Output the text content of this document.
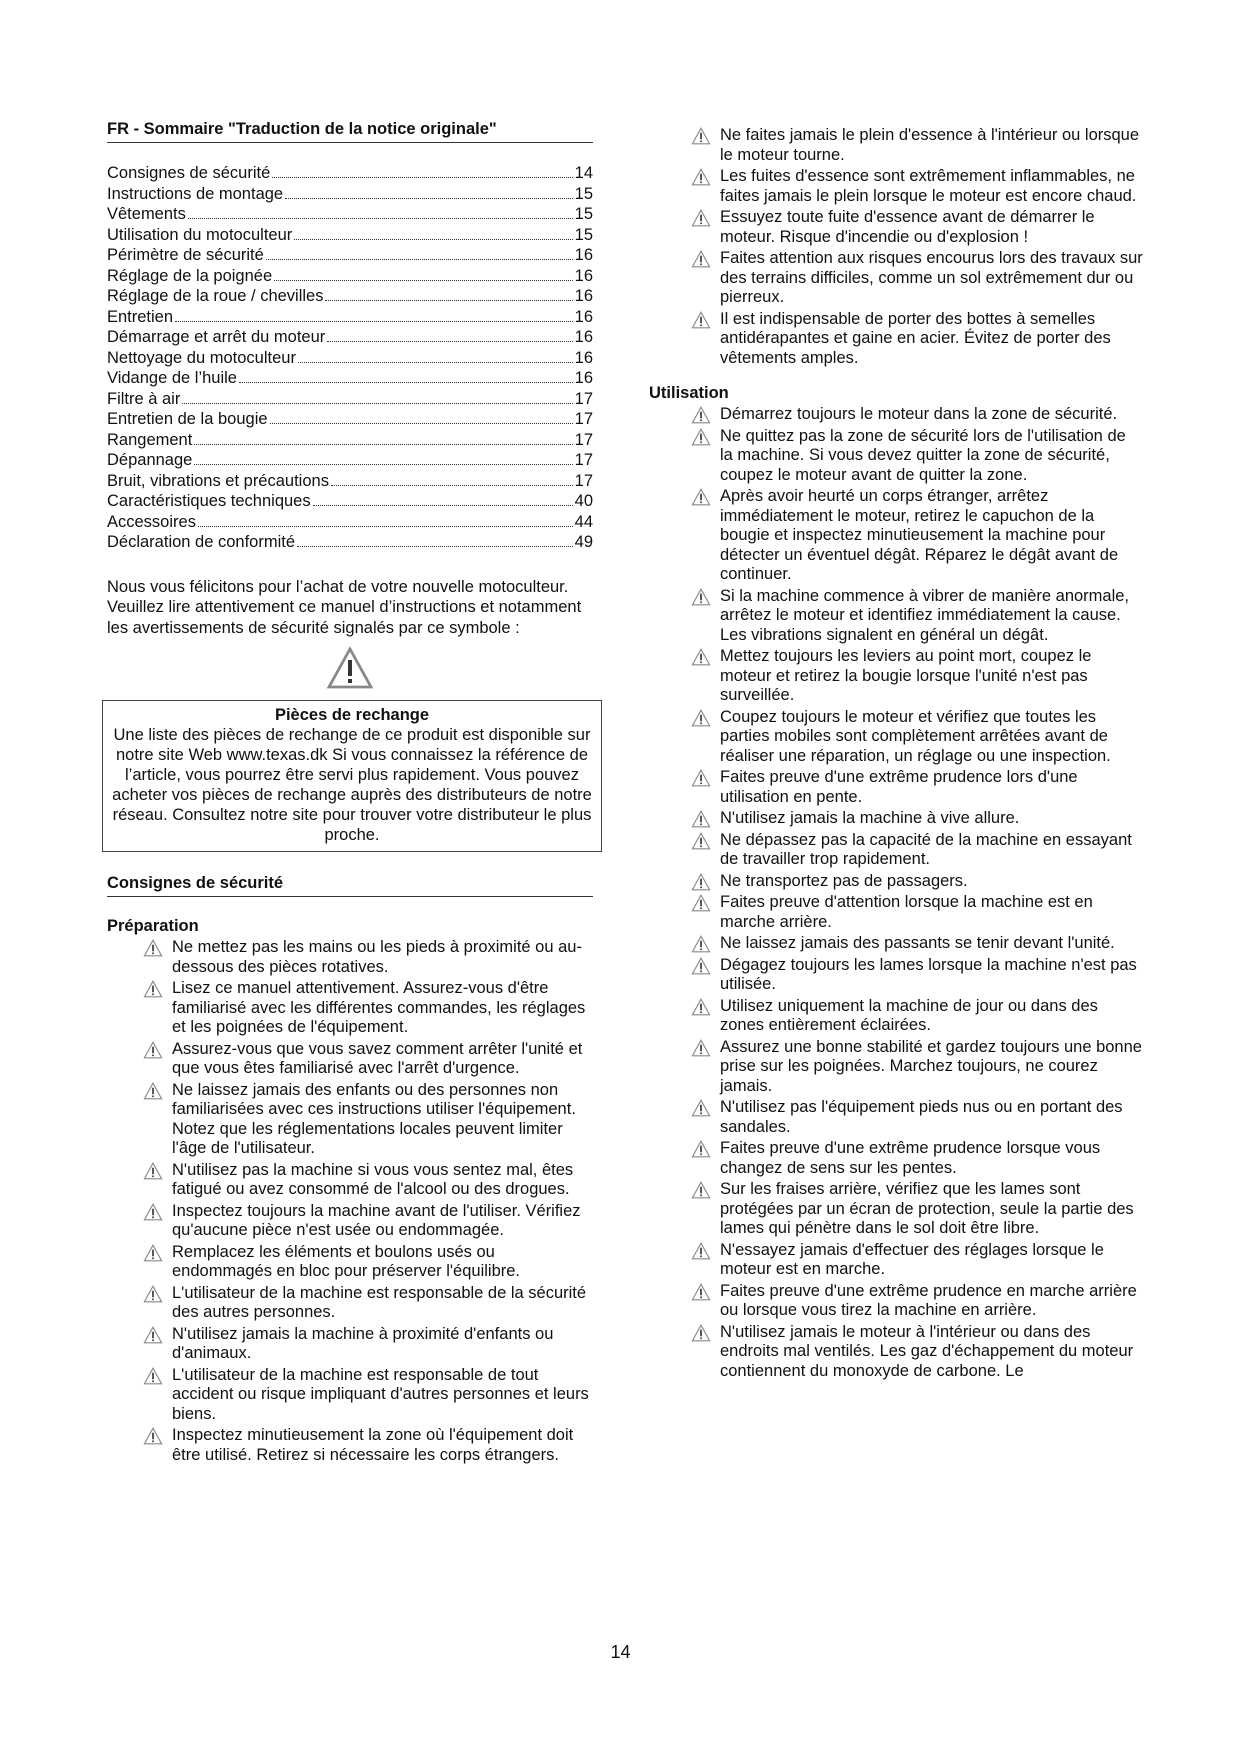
FR - Sommaire "Traduction de la notice originale"
Consignes de sécurité	14
Instructions de montage	15
Vêtements	15
Utilisation du motoculteur	15
Périmètre de sécurité	16
Réglage de la poignée	16
Réglage de la roue / chevilles	16
Entretien	16
Démarrage et arrêt du moteur	16
Nettoyage du motoculteur	16
Vidange de l’huile	16
Filtre à air	17
Entretien de la bougie	17
Rangement	17
Dépannage	17
Bruit, vibrations et précautions	17
Caractéristiques techniques	40
Accessoires	44
Déclaration de conformité	49
Nous vous félicitons pour l’achat de votre nouvelle motoculteur. Veuillez lire attentivement ce manuel d’instructions et notamment les avertissements de sécurité signalés par ce symbole :
Pièces de rechange
Une liste des pièces de rechange de ce produit est disponible sur notre site Web www.texas.dk Si vous connaissez la référence de l’article, vous pourrez être servi plus rapidement. Vous pouvez acheter vos pièces de rechange auprès des distributeurs de notre réseau. Consultez notre site pour trouver votre distributeur le plus proche.
Consignes de sécurité
Préparation
Ne mettez pas les mains ou les pieds à proximité ou au-dessous des pièces rotatives.
Lisez ce manuel attentivement. Assurez-vous d'être familiarisé avec les différentes commandes, les réglages et les poignées de l'équipement.
Assurez-vous que vous savez comment arrêter l'unité et que vous êtes familiarisé avec l'arrêt d'urgence.
Ne laissez jamais des enfants ou des personnes non familiarisées avec ces instructions utiliser l'équipement. Notez que les réglementations locales peuvent limiter l'âge de l'utilisateur.
N'utilisez pas la machine si vous vous sentez mal, êtes fatigué ou avez consommé de l'alcool ou des drogues.
Inspectez toujours la machine avant de l'utiliser. Vérifiez qu'aucune pièce n'est usée ou endommagée.
Remplacez les éléments et boulons usés ou endommagés en bloc pour préserver l'équilibre.
L'utilisateur de la machine est responsable de la sécurité des autres personnes.
N'utilisez jamais la machine à proximité d'enfants ou d'animaux.
L'utilisateur de la machine est responsable de tout accident ou risque impliquant d'autres personnes et leurs biens.
Inspectez minutieusement la zone où l'équipement doit être utilisé. Retirez si nécessaire les corps étrangers.
Ne faites jamais le plein d'essence à l'intérieur ou lorsque le moteur tourne.
Les fuites d'essence sont extrêmement inflammables, ne faites jamais le plein lorsque le moteur est encore chaud.
Essuyez toute fuite d'essence avant de démarrer le moteur. Risque d'incendie ou d'explosion !
Faites attention aux risques encourus lors des travaux sur des terrains difficiles, comme un sol extrêmement dur ou pierreux.
Il est indispensable de porter des bottes à semelles antidérapantes et gaine en acier. Évitez de porter des vêtements amples.
Utilisation
Démarrez toujours le moteur dans la zone de sécurité.
Ne quittez pas la zone de sécurité lors de l'utilisation de la machine. Si vous devez quitter la zone de sécurité, coupez le moteur avant de quitter la zone.
Après avoir heurté un corps étranger, arrêtez immédiatement le moteur, retirez le capuchon de la bougie et inspectez minutieusement la machine pour détecter un éventuel dégât. Réparez le dégât avant de continuer.
Si la machine commence à vibrer de manière anormale, arrêtez le moteur et identifiez immédiatement la cause. Les vibrations signalent en général un dégât.
Mettez toujours les leviers au point mort, coupez le moteur et retirez la bougie lorsque l'unité n'est pas surveillée.
Coupez toujours le moteur et vérifiez que toutes les parties mobiles sont complètement arrêtées avant de réaliser une réparation, un réglage ou une inspection.
Faites preuve d'une extrême prudence lors d'une utilisation en pente.
N'utilisez jamais la machine à vive allure.
Ne dépassez pas la capacité de la machine en essayant de travailler trop rapidement.
Ne transportez pas de passagers.
Faites preuve d'attention lorsque la machine est en marche arrière.
Ne laissez jamais des passants se tenir devant l'unité.
Dégagez toujours les lames lorsque la machine n'est pas utilisée.
Utilisez uniquement la machine de jour ou dans des zones entièrement éclairées.
Assurez une bonne stabilité et gardez toujours une bonne prise sur les poignées. Marchez toujours, ne courez jamais.
N'utilisez pas l'équipement pieds nus ou en portant des sandales.
Faites preuve d'une extrême prudence lorsque vous changez de sens sur les pentes.
Sur les fraises arrière, vérifiez que les lames sont protégées par un écran de protection, seule la partie des lames qui pénètre dans le sol doit être libre.
N'essayez jamais d'effectuer des réglages lorsque le moteur est en marche.
Faites preuve d'une extrême prudence en marche arrière ou lorsque vous tirez la machine en arrière.
N'utilisez jamais le moteur à l'intérieur ou dans des endroits mal ventilés. Les gaz d'échappement du moteur contiennent du monoxyde de carbone. Le
14
